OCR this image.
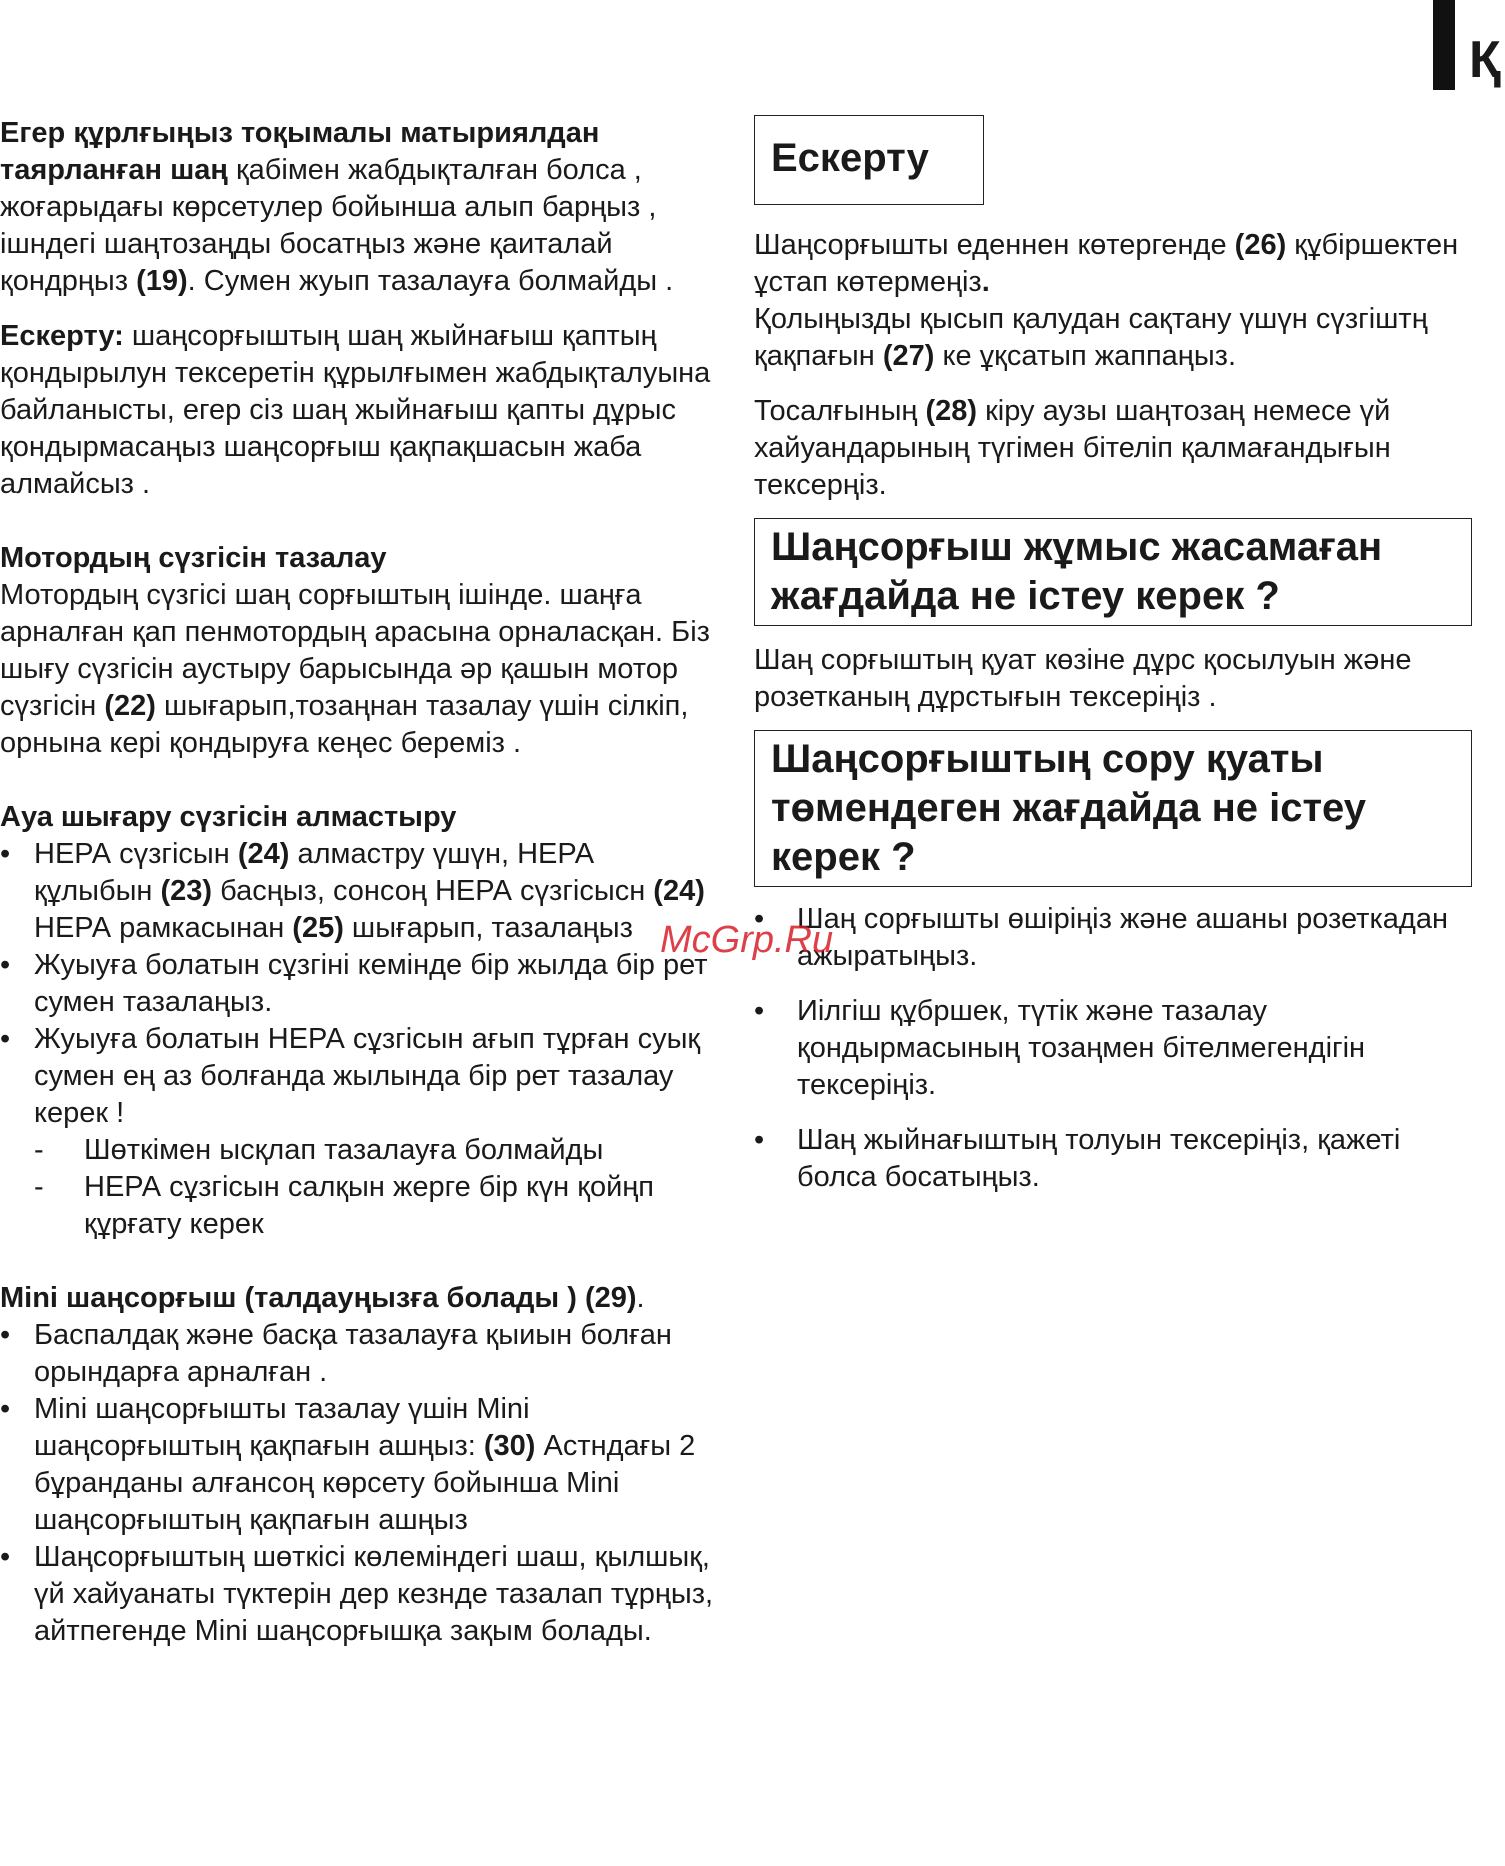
Қ

Егер құрлғыңыз тоқымалы матыриялдан таярланған шаң қабімен жабдықталған болса , жоғарыдағы көрсетулер бойынша алып барңыз , ішндегі шаңтозаңды босатңыз және қаиталай қондрңыз (19). Сумен жуып тазалауға болмайды .

Ескерту: шаңсорғыштың шаң жыйнағыш қаптың қондырылун тексеретін құрылғымен жабдықталуына байланысты, егер сіз шаң жыйнағыш қапты дұрыс қондырмасаңыз шаңсорғыш қақпақшасын жаба алмайсыз .

Мотордың сүзгісін тазалау

Мотордың сүзгісі шаң сорғыштың ішінде. шаңға арналған қап пенмотордың арасына орналасқан. Біз шығу сүзгісін аустыру барысында әр қашын мотор сүзгісін (22) шығарып,тозаңнан тазалау үшін сілкіп, орнына кері қондыруға кеңес береміз .

Ауа шығару сүзгісін алмастыру
• НЕРА сүзгісын (24) алмастру үшүн, НЕРА құлыбын (23) басңыз, сонсоң НЕРА сүзгісысн (24) НЕРА рамкасынан (25) шығарып, тазалаңыз
• Жуыуға болатын сұзгіні кемінде бір жылда бір рет сумен тазалаңыз.
• Жуыуға болатын НЕРА сұзгісын ағып тұрған суық сумен ең аз болғанда жылында бір рет тазалау керек !
- Шөткімен ысқлап тазалауға болмайды
- НЕРА сұзгісын салқын жерге бір күн қойңп құрғату керек
Mini шаңсорғыш (талдауңызға болады ) (29).
• Баспалдақ және басқа тазалауға қыиын болған орындарға арналған .
• Mini шаңсорғышты тазалау үшін Mini шаңсорғыштың қақпағын ашңыз: (30) Астндағы 2 бұранданы алғансоң көрсету бойынша Mini шаңсорғыштың қақпағын ашңыз
• Шаңсорғыштың шөткісі көлеміндегі шаш, қылшық, үй хайуанаты түктерін дер кезнде тазалап тұрңыз, айтпегенде Mini шаңсорғышқа зақым болады.
Ескерту

Шаңсорғышты еденнен көтергенде (26) құбіршектен ұстап көтермеңіз.
Қолыңызды қысып қалудан сақтану үшүн сүзгіштң қақпағын (27) ке ұқсатып жаппаңыз.

Тосалғының (28) кіру аузы шаңтозаң немесе үй хайуандарының түгімен бітеліп қалмағандығын тексерңіз.

Шаңсорғыш жұмыс жасамаған жағдайда не істеу керек ?

Шаң сорғыштың қуат көзіне дұрс қосылуын және розетканың дұрстығын тексеріңіз .

Шаңсорғыштың сору қуаты төмендеген жағдайда не істеу керек ?
• Шаң сорғышты өшіріңіз және ашаны розеткадан ажыратыңыз.
• Иілгіш құбршек, түтік және тазалау қондырмасының тозаңмен бітелмегендігін тексеріңіз.
• Шаң жыйнағыштың толуын тексеріңіз, қажеті болса босатыңыз.
McGrp.Ru
